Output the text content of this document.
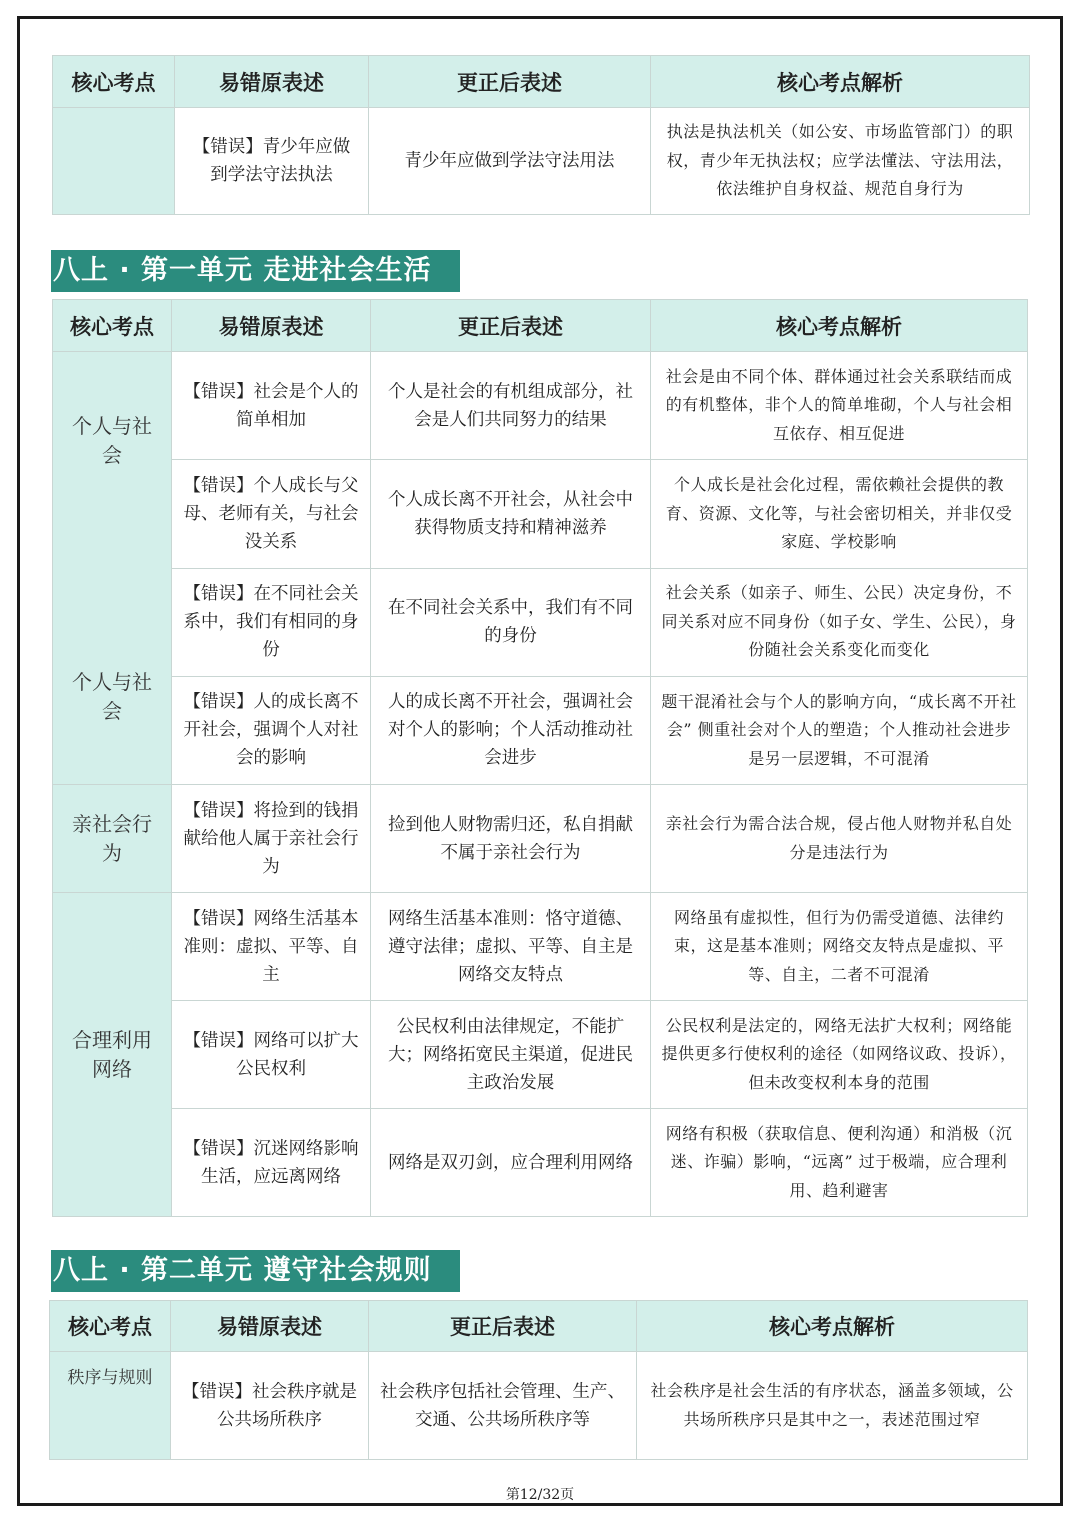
核心考点	易错原表述	更正后表述	核心考点解析
	【错误】青少年应做到学法守法执法	青少年应做到学法守法用法	执法是执法机关（如公安、市场监管部门）的职权，青少年无执法权；应学法懂法、守法用法，依法维护自身权益、规范自身行为
八上 · 第一单元 走进社会生活
核心考点	易错原表述	更正后表述	核心考点解析

个人与社会
个人与社会	【错误】社会是个人的简单相加	个人是社会的有机组成部分，社会是人们共同努力的结果	社会是由不同个体、群体通过社会关系联结而成的有机整体，非个人的简单堆砌，个人与社会相互依存、相互促进
	【错误】个人成长与父母、老师有关，与社会没关系	个人成长离不开社会，从社会中获得物质支持和精神滋养	个人成长是社会化过程，需依赖社会提供的教育、资源、文化等，与社会密切相关，并非仅受家庭、学校影响
	【错误】在不同社会关系中，我们有相同的身份	在不同社会关系中，我们有不同的身份	社会关系（如亲子、师生、公民）决定身份，不同关系对应不同身份（如子女、学生、公民），身份随社会关系变化而变化
	【错误】人的成长离不开社会，强调个人对社会的影响	人的成长离不开社会，强调社会对个人的影响；个人活动推动社会进步	题干混淆社会与个人的影响方向，“成长离不开社会” 侧重社会对个人的塑造；个人推动社会进步是另一层逻辑，不可混淆
亲社会行为	【错误】将捡到的钱捐献给他人属于亲社会行为	捡到他人财物需归还，私自捐献不属于亲社会行为	亲社会行为需合法合规，侵占他人财物并私自处分是违法行为
合理利用网络	【错误】网络生活基本准则：虚拟、平等、自主	网络生活基本准则：恪守道德、遵守法律；虚拟、平等、自主是网络交友特点	网络虽有虚拟性，但行为仍需受道德、法律约束，这是基本准则；网络交友特点是虚拟、平等、自主，二者不可混淆
	【错误】网络可以扩大公民权利	公民权利由法律规定，不能扩大；网络拓宽民主渠道，促进民主政治发展	公民权利是法定的，网络无法扩大权利；网络能提供更多行使权利的途径（如网络议政、投诉），但未改变权利本身的范围
	【错误】沉迷网络影响生活，应远离网络	网络是双刃剑，应合理利用网络	网络有积极（获取信息、便利沟通）和消极（沉迷、诈骗）影响，“远离” 过于极端，应合理利用、趋利避害
八上 · 第二单元 遵守社会规则
核心考点	易错原表述	更正后表述	核心考点解析
秩序与规则	【错误】社会秩序就是公共场所秩序	社会秩序包括社会管理、生产、交通、公共场所秩序等	社会秩序是社会生活的有序状态，涵盖多领域，公共场所秩序只是其中之一，表述范围过窄
第12/32页
